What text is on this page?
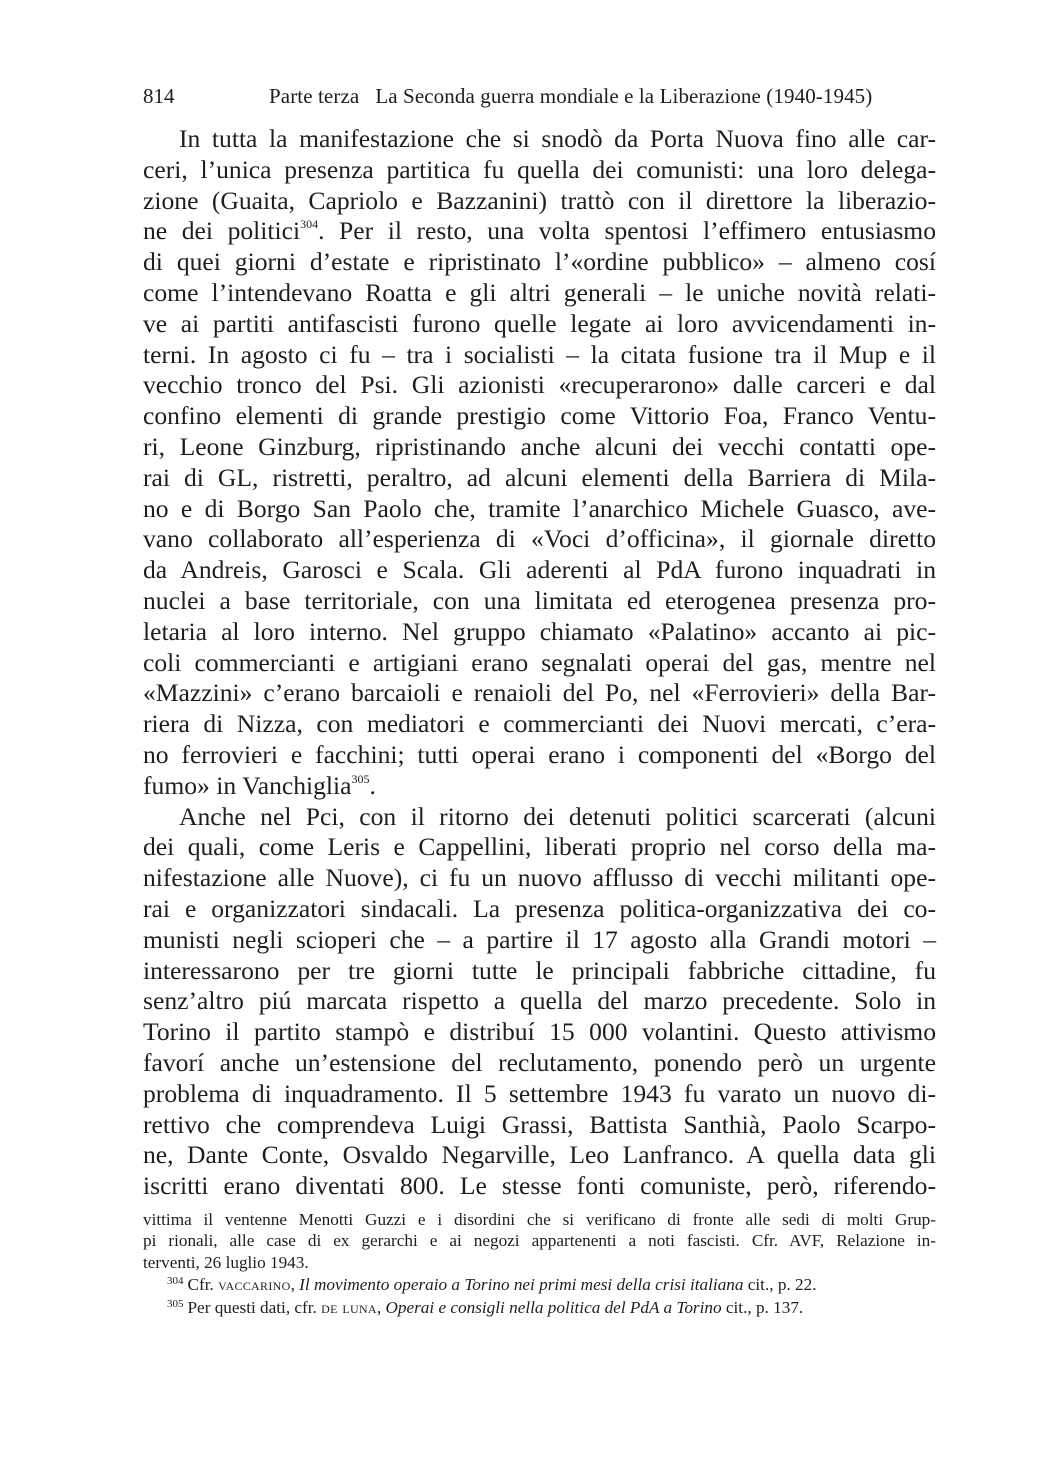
814	Parte terza   La Seconda guerra mondiale e la Liberazione (1940-1945)
In tutta la manifestazione che si snodò da Porta Nuova fino alle car-
ceri, l’unica presenza partitica fu quella dei comunisti: una loro delega-
zione (Guaita, Capriolo e Bazzanini) trattò con il direttore la liberazio-
ne dei politici$^{304}$. Per il resto, una volta spentosi l’effimero entusiasmo
di quei giorni d’estate e ripristinato l’«ordine pubblico» – almeno cosí
come l’intendevano Roatta e gli altri generali – le uniche novità relati-
ve ai partiti antifascisti furono quelle legate ai loro avvicendamenti in-
terni. In agosto ci fu – tra i socialisti – la citata fusione tra il Mup e il
vecchio tronco del Psi. Gli azionisti «recuperarono» dalle carceri e dal
confino elementi di grande prestigio come Vittorio Foa, Franco Ventu-
ri, Leone Ginzburg, ripristinando anche alcuni dei vecchi contatti ope-
rai di GL, ristretti, peraltro, ad alcuni elementi della Barriera di Mila-
no e di Borgo San Paolo che, tramite l’anarchico Michele Guasco, ave-
vano collaborato all’esperienza di «Voci d’officina», il giornale diretto
da Andreis, Garosci e Scala. Gli aderenti al PdA furono inquadrati in
nuclei a base territoriale, con una limitata ed eterogenea presenza pro-
letaria al loro interno. Nel gruppo chiamato «Palatino» accanto ai pic-
coli commercianti e artigiani erano segnalati operai del gas, mentre nel
«Mazzini» c’erano barcaioli e renaioli del Po, nel «Ferrovieri» della Bar-
riera di Nizza, con mediatori e commercianti dei Nuovi mercati, c’era-
no ferrovieri e facchini; tutti operai erano i componenti del «Borgo del
fumo» in Vanchiglia$^{305}$.
Anche nel Pci, con il ritorno dei detenuti politici scarcerati (alcuni
dei quali, come Leris e Cappellini, liberati proprio nel corso della ma-
nifestazione alle Nuove), ci fu un nuovo afflusso di vecchi militanti ope-
rai e organizzatori sindacali. La presenza politica-organizzativa dei co-
munisti negli scioperi che – a partire il 17 agosto alla Grandi motori –
interessarono per tre giorni tutte le principali fabbriche cittadine, fu
senz’altro piú marcata rispetto a quella del marzo precedente. Solo in
Torino il partito stampò e distribuí 15 000 volantini. Questo attivismo
favorí anche un’estensione del reclutamento, ponendo però un urgente
problema di inquadramento. Il 5 settembre 1943 fu varato un nuovo di-
rettivo che comprendeva Luigi Grassi, Battista Santhià, Paolo Scarpo-
ne, Dante Conte, Osvaldo Negarville, Leo Lanfranco. A quella data gli
iscritti erano diventati 800. Le stesse fonti comuniste, però, riferendo-
vittima il ventenne Menotti Guzzi e i disordini che si verificano di fronte alle sedi di molti Grup-
pi rionali, alle case di ex gerarchi e ai negozi appartenenti a noti fascisti. Cfr. AVF, Relazione in-
terventi, 26 luglio 1943.
$^{304}$ Cfr. vaccarino, Il movimento operaio a Torino nei primi mesi della crisi italiana cit., p. 22.
$^{305}$ Per questi dati, cfr. de luna, Operai e consigli nella politica del PdA a Torino cit., p. 137.
